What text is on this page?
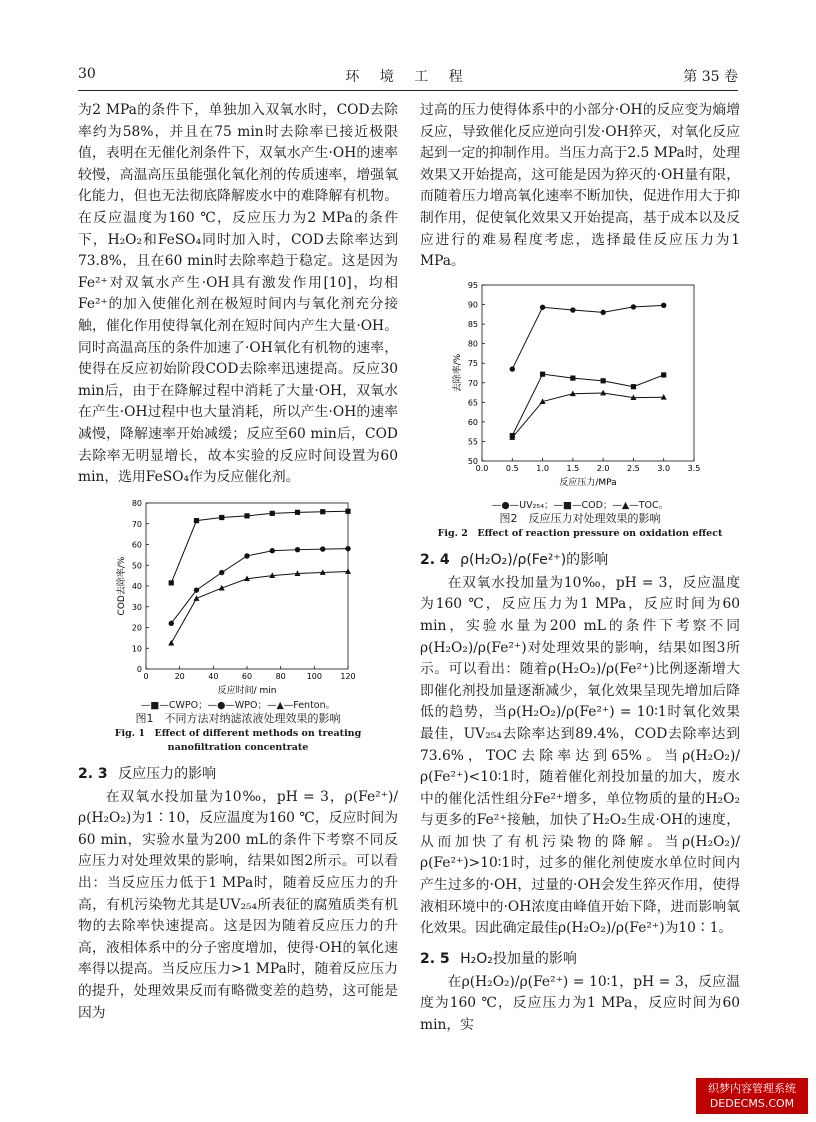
30	环 境 工 程	第 35 卷

为2 MPa的条件下，单独加入双氧水时，COD去除率约为58%，并且在75 min时去除率已接近极限值，表明在无催化剂条件下，双氧水产生·OH的速率较慢，高温高压虽能强化氧化剂的传质速率，增强氧化能力，但也无法彻底降解废水中的难降解有机物。在反应温度为160 ℃，反应压力为2 MPa的条件下，H₂O₂和FeSO₄同时加入时，COD去除率达到73.8%，且在60 min时去除率趋于稳定。这是因为Fe²⁺对双氧水产生·OH具有激发作用[10]，均相Fe²⁺的加入使催化剂在极短时间内与氧化剂充分接触，催化作用使得氧化剂在短时间内产生大量·OH。同时高温高压的条件加速了·OH氧化有机物的速率，使得在反应初始阶段COD去除率迅速提高。反应30 min后，由于在降解过程中消耗了大量·OH，双氧水在产生·OH过程中也大量消耗，所以产生·OH的速率减慢，降解速率开始减缓；反应至60 min后，COD去除率无明显增长，故本实验的反应时间设置为60 min，选用FeSO₄作为反应催化剂。

0	20	40	60	80	100 120
0
10
20
30
40
50
60
70
80
反应时间/ min
COD去除率/%
—■—CWPO；—●—WPO；—▲—Fenton。
图1　不同方法对纳滤浓液处理效果的影响
Fig. 1　Effect of different methods on treating nanofiltration concentrate
2. 3 反应压力的影响

在双氧水投加量为10‰，pH = 3，ρ(Fe²⁺)/ρ(H₂O₂)为1∶10，反应温度为160 ℃，反应时间为60 min，实验水量为200 mL的条件下考察不同反应压力对处理效果的影响，结果如图2所示。可以看出：当反应压力低于1 MPa时，随着反应压力的升高，有机污染物尤其是UV₂₅₄所表征的腐殖质类有机物的去除率快速提高。这是因为随着反应压力的升高，液相体系中的分子密度增加，使得·OH的氧化速率得以提高。当反应压力>1 MPa时，随着反应压力的提升，处理效果反而有略微变差的趋势，这可能是因为

过高的压力使得体系中的小部分·OH的反应变为熵增反应，导致催化反应逆向引发·OH猝灭，对氧化反应起到一定的抑制作用。当压力高于2.5 MPa时，处理效果又开始提高，这可能是因为猝灭的·OH量有限，而随着压力增高氧化速率不断加快，促进作用大于抑制作用，促使氧化效果又开始提高，基于成本以及反应进行的难易程度考虑，选择最佳反应压力为1 MPa。

0.0 0.5 1.0 1.5 2.0 2.5 3.0 3.5
50
55
60
65
70
75
80
85
90
95
反应压力/MPa
去除率/%
—●—UV₂₅₄；—■—COD；—▲—TOC。
图2　反应压力对处理效果的影响
Fig. 2　Effect of reaction pressure on oxidation effect
2. 4 ρ(H₂O₂)/ρ(Fe²⁺)的影响

在双氧水投加量为10‰，pH = 3，反应温度为160 ℃，反应压力为1 MPa，反应时间为60 min，实验水量为200 mL的条件下考察不同ρ(H₂O₂)/ρ(Fe²⁺)对处理效果的影响，结果如图3所示。可以看出：随着ρ(H₂O₂)/ρ(Fe²⁺)比例逐渐增大即催化剂投加量逐渐减少，氧化效果呈现先增加后降低的趋势，当ρ(H₂O₂)/ρ(Fe²⁺) = 10∶1时氧化效果最佳，UV₂₅₄去除率达到89.4%，COD去除率达到73.6%，TOC去除率达到65%。当ρ(H₂O₂)/ρ(Fe²⁺)<10∶1时，随着催化剂投加量的加大，废水中的催化活性组分Fe²⁺增多，单位物质的量的H₂O₂与更多的Fe²⁺接触，加快了H₂O₂生成·OH的速度，从而加快了有机污染物的降解。当ρ(H₂O₂)/ρ(Fe²⁺)>10∶1时，过多的催化剂使废水单位时间内产生过多的·OH，过量的·OH会发生猝灭作用，使得液相环境中的·OH浓度由峰值开始下降，进而影响氧化效果。因此确定最佳ρ(H₂O₂)/ρ(Fe²⁺)为10∶1。

2. 5 H₂O₂投加量的影响

在ρ(H₂O₂)/ρ(Fe²⁺) = 10∶1，pH = 3，反应温度为160 ℃，反应压力为1 MPa，反应时间为60 min，实

织梦内容管理系统
DEDECMS.COM
